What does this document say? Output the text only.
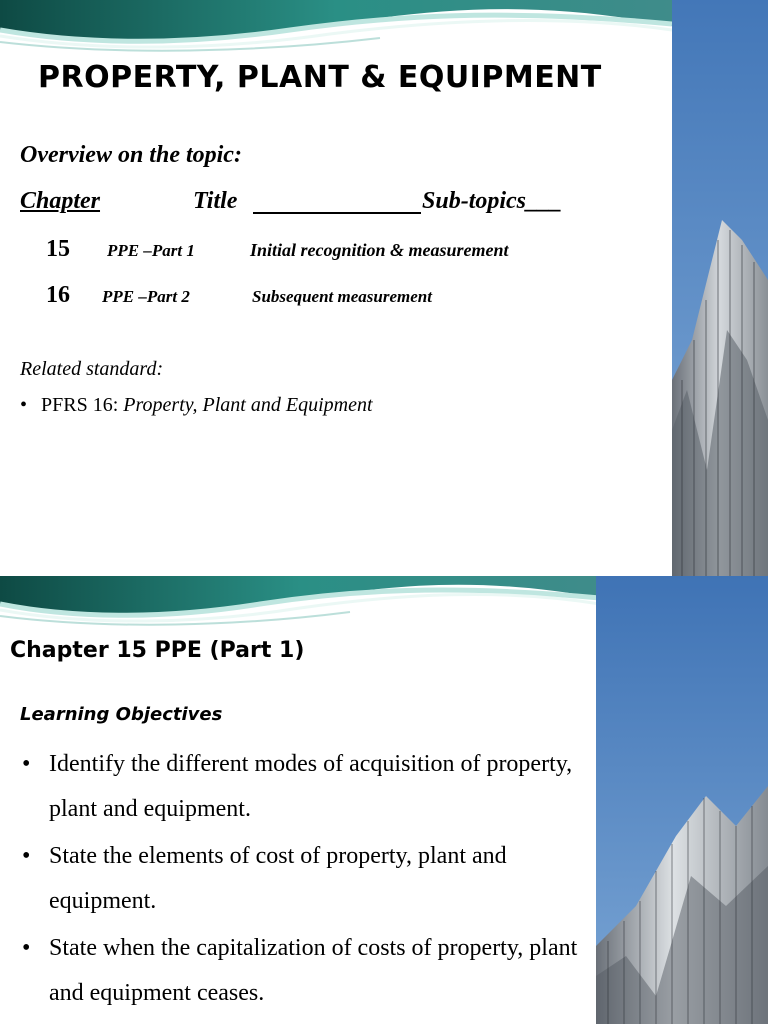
PROPERTY, PLANT & EQUIPMENT
Overview on the topic:
Chapter	Title	Sub-topics___
15 PPE –Part 1	Initial recognition & measurement
16 PPE –Part 2	Subsequent measurement
Related standard:
• PFRS 16: Property, Plant and Equipment
Chapter 15 PPE (Part 1)
Learning Objectives
• Identify the different modes of acquisition of property, plant and equipment.
• State the elements of cost of property, plant and equipment.
• State when the capitalization of costs of property, plant and equipment ceases.
